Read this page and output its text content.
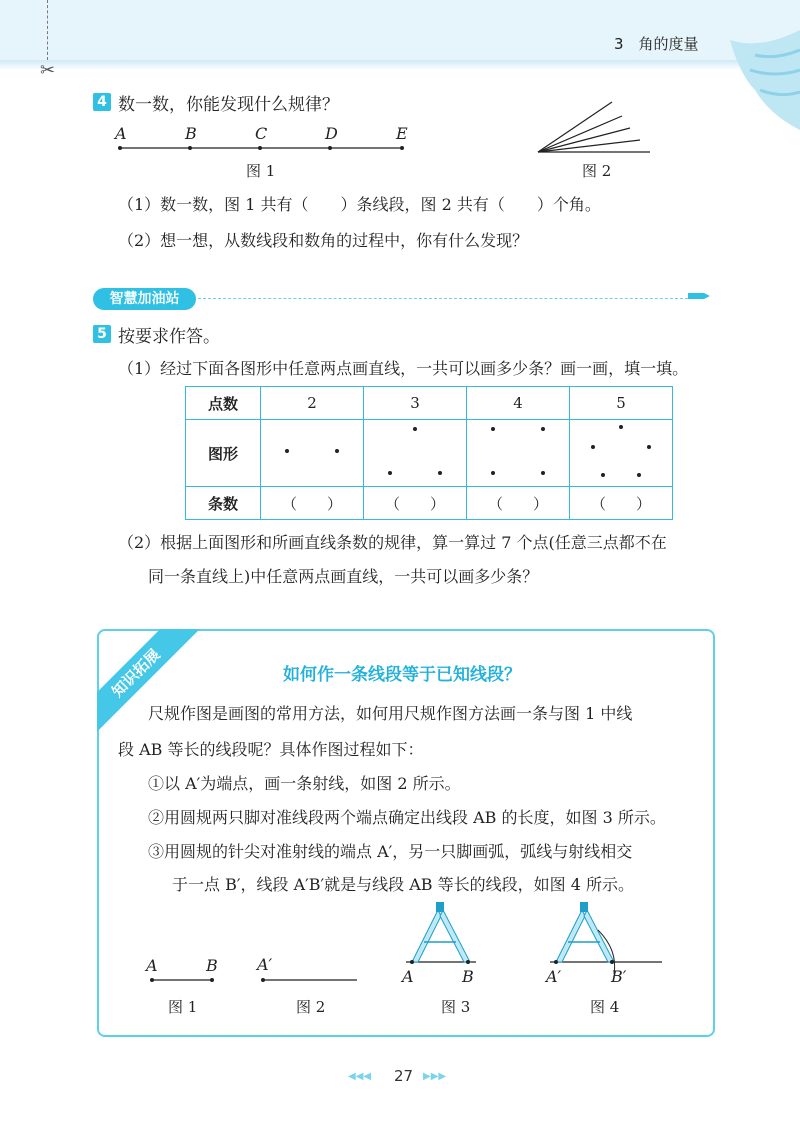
✂
3　角的度量
4 数一数，你能发现什么规律？
A	B	C	D	E
图 1	图 2
（1）数一数，图 1 共有（　　）条线段，图 2 共有（　　）个角。
（2）想一想，从数线段和数角的过程中，你有什么发现？
智慧加油站
5 按要求作答。
（1）经过下面各图形中任意两点画直线，一共可以画多少条？画一画，填一填。
点数	2	3	4	5
图形				
条数	（　　）	（　　）	（　　）	（　　）
（2）根据上面图形和所画直线条数的规律，算一算过 7 个点(任意三点都不在
同一条直线上)中任意两点画直线，一共可以画多少条？
知识拓展	如何作一条线段等于已知线段？
尺规作图是画图的常用方法，如何用尺规作图方法画一条与图 1 中线
段 AB 等长的线段呢？具体作图过程如下：
①以 A′为端点，画一条射线，如图 2 所示。
②用圆规两只脚对准线段两个端点确定出线段 AB 的长度，如图 3 所示。
③用圆规的针尖对准射线的端点 A′，另一只脚画弧，弧线与射线相交
于一点 B′，线段 A′B′就是与线段 AB 等长的线段，如图 4 所示。
A	B
图 1
A′
图 2
A	B
图 3
A′	B′
图 4
◀◀◀ 27 ▶▶▶
